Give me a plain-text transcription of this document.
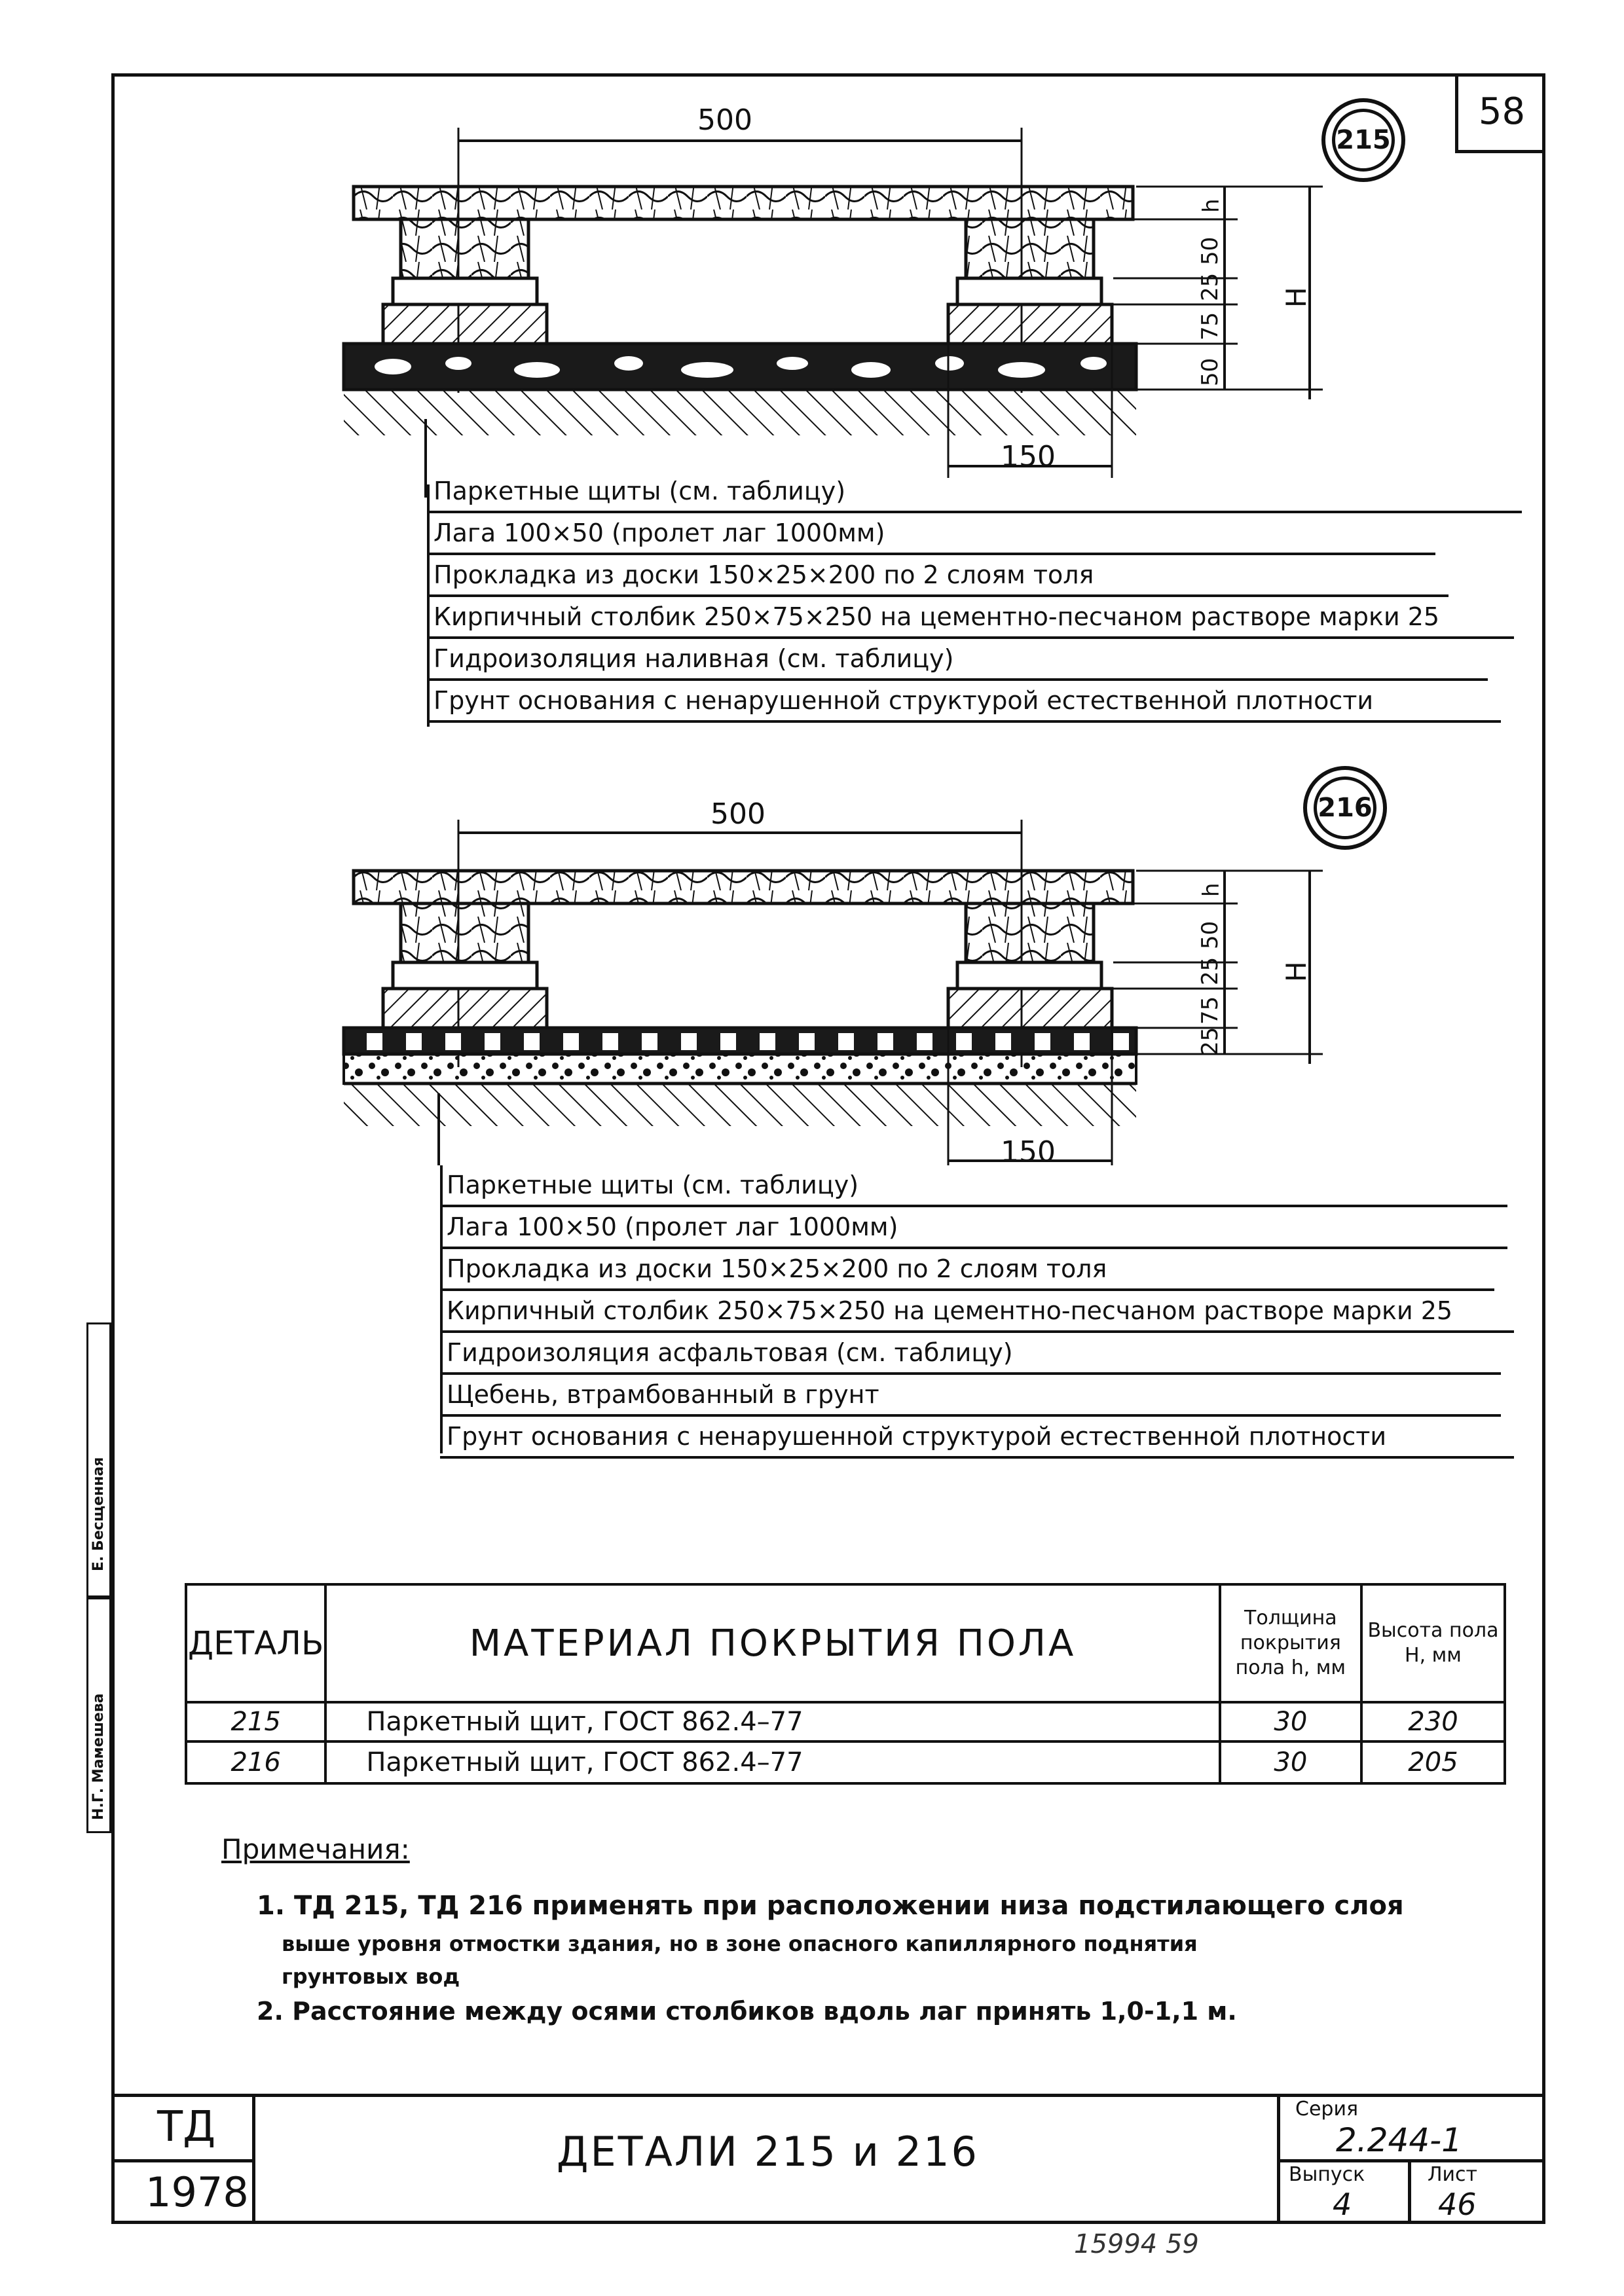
58
Е. Бесщенная
Н.Г. Мамешева
215
500
150
h
H
50
25
75
50
Паркетные щиты (см. таблицу)
Лага 100×50 (пролет лаг 1000мм)
Прокладка из доски 150×25×200 по 2 слоям толя
Кирпичный столбик 250×75×250 на цементно-песчаном растворе марки 25
Гидроизоляция наливная (см. таблицу)
Грунт основания с ненарушенной структурой естественной плотности
216
500
150
h
H
50
25
75
25
Паркетные щиты (см. таблицу)
Лага 100×50 (пролет лаг 1000мм)
Прокладка из доски 150×25×200 по 2 слоям толя
Кирпичный столбик 250×75×250 на цементно-песчаном растворе марки 25
Гидроизоляция асфальтовая (см. таблицу)
Щебень, втрамбованный в грунт
Грунт основания с ненарушенной структурой естественной плотности
ДЕТАЛЬ	МАТЕРИАЛ ПОКРЫТИЯ ПОЛА	Толщина покрытия пола h, мм	Высота пола H, мм
215	Паркетный щит, ГОСТ 862.4–77	30	230
216	Паркетный щит, ГОСТ 862.4–77	30	205
Примечания:
1. ТД 215, ТД 216 применять при расположении низа подстилающего слоя
выше уровня отмостки здания, но в зоне опасного капиллярного поднятия
грунтовых вод
2. Расстояние между осями столбиков вдоль лаг принять 1,0-1,1 м.
ТД
1978
ДЕТАЛИ 215 и 216
Серия
2.244-1
Выпуск
4
Лист
46
15994 59
